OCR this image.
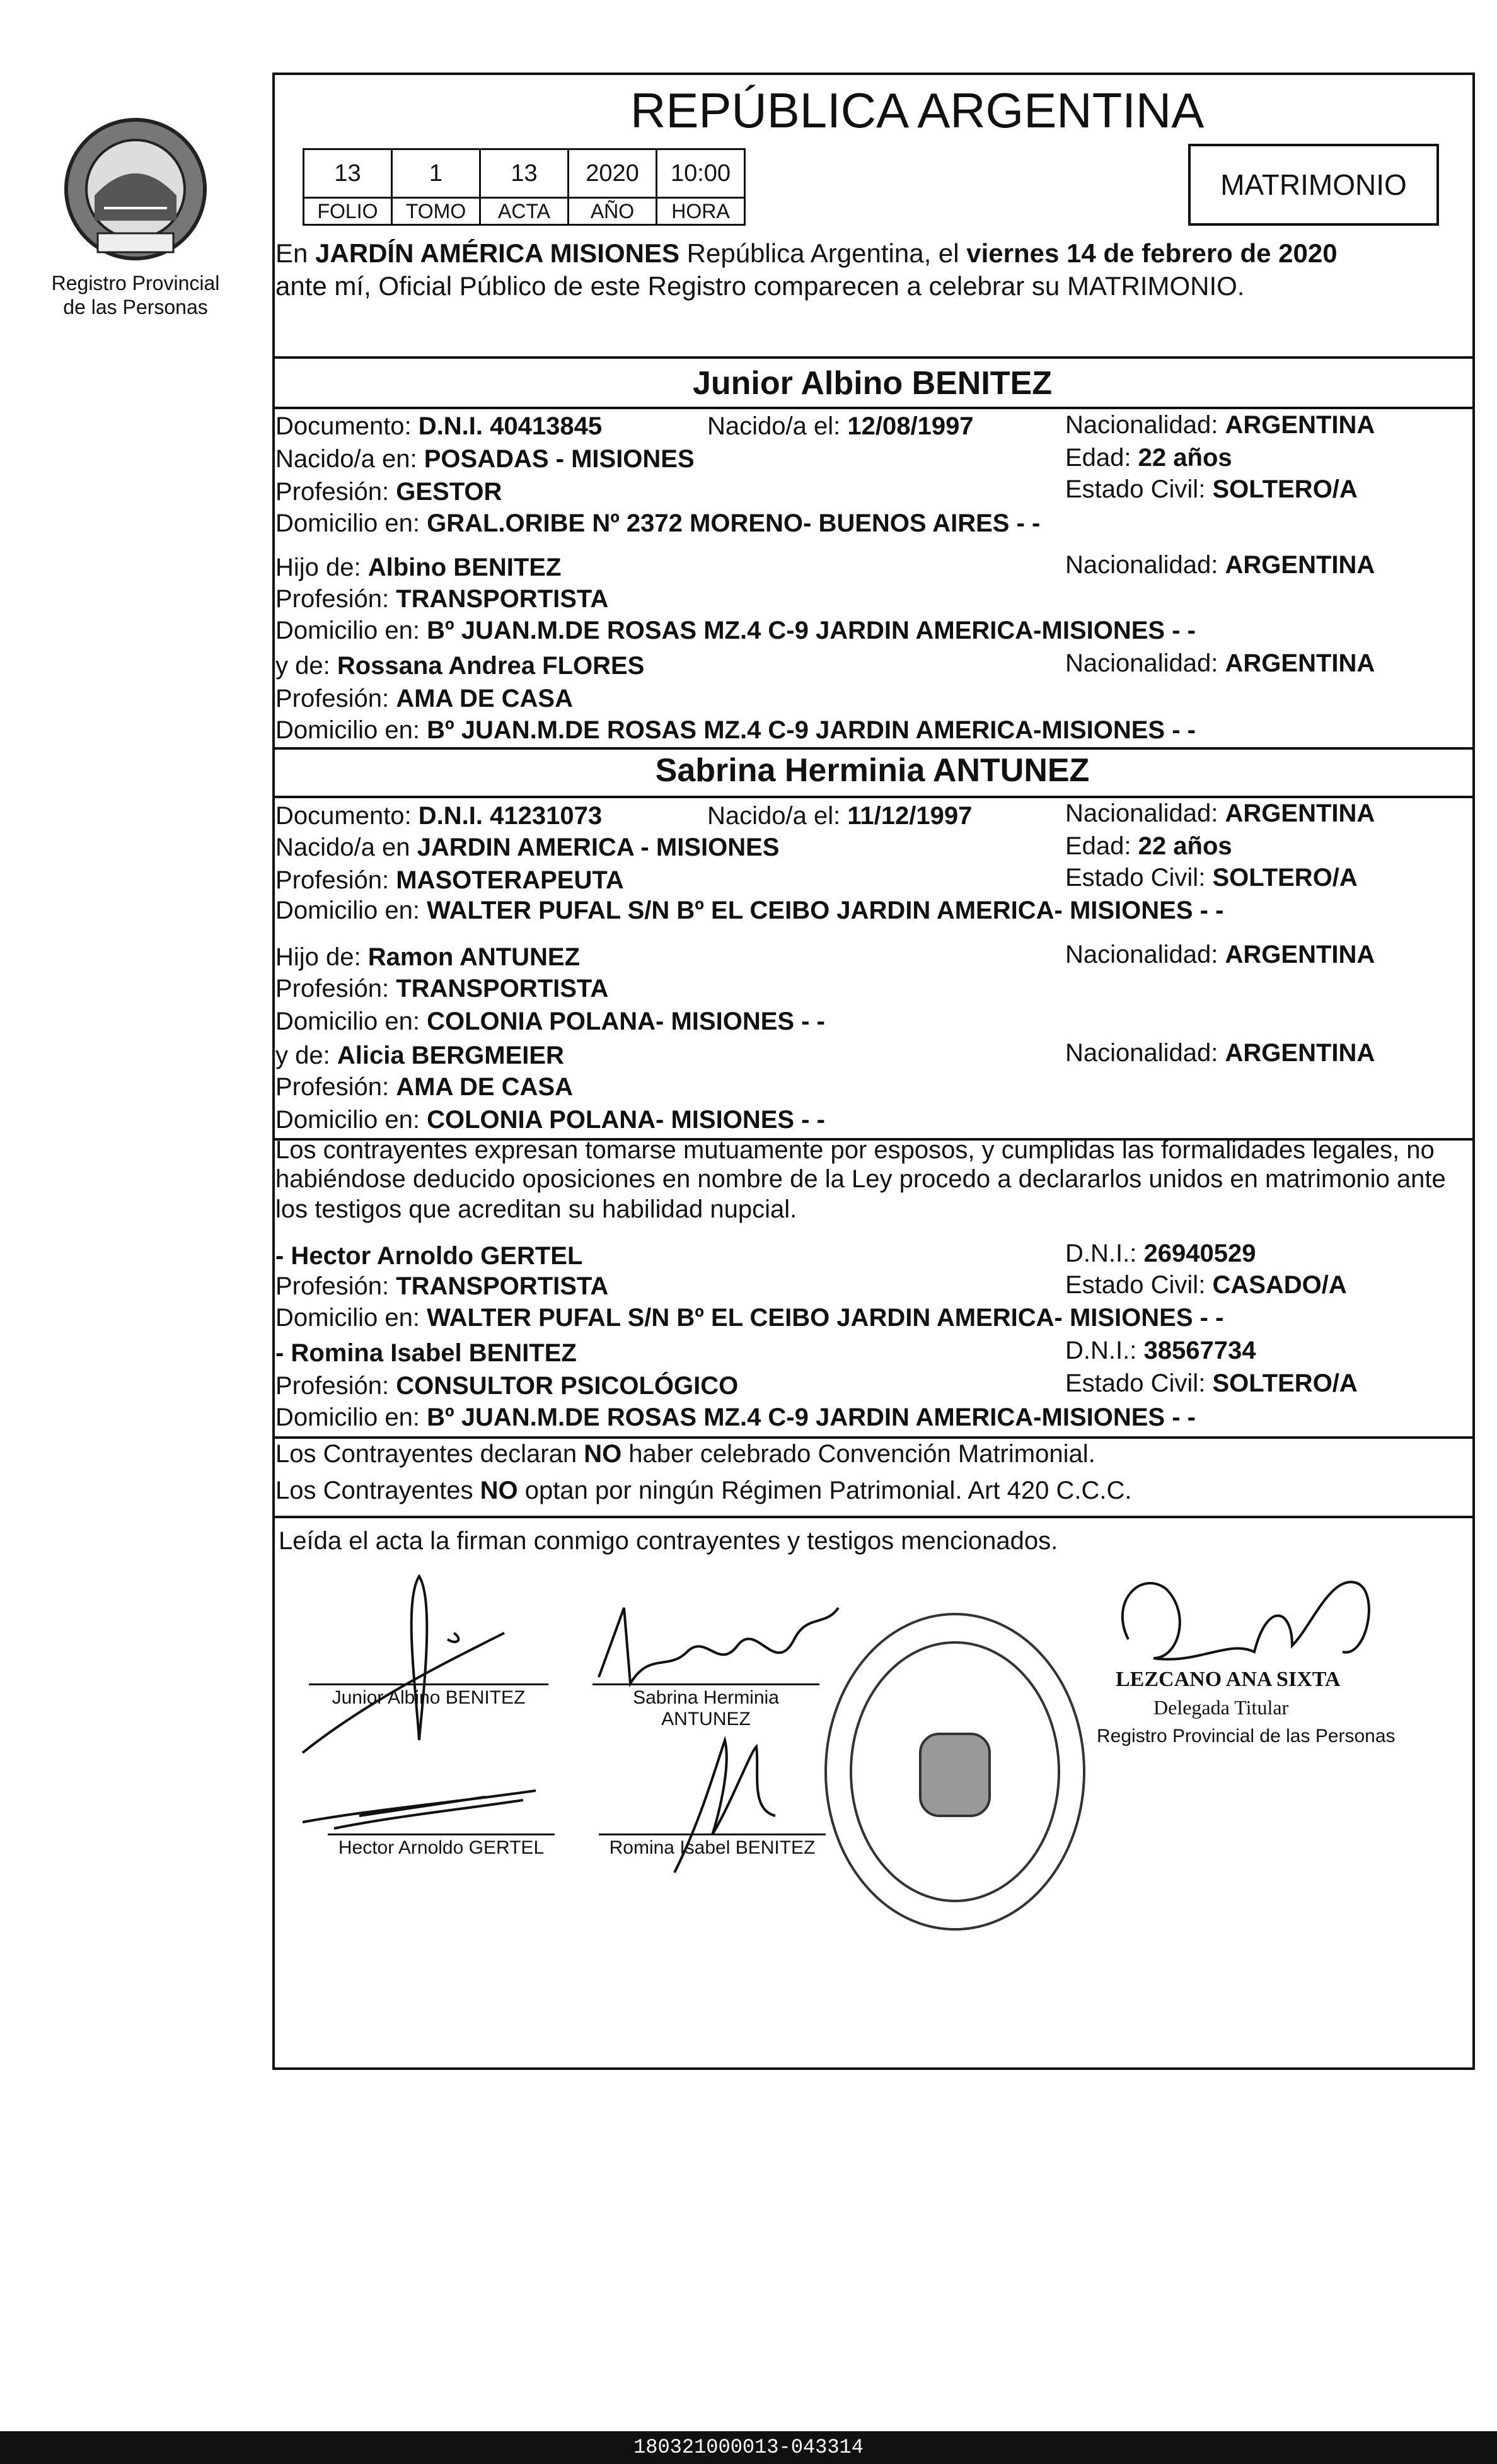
Registro Provincial
de las Personas
REPÚBLICA ARGENTINA
13	1	13	2020	10:00
FOLIO	TOMO	ACTA	AÑO	HORA
MATRIMONIO
En JARDÍN AMÉRICA MISIONES República Argentina, el viernes 14 de febrero de 2020
ante mí, Oficial Público de este Registro comparecen a celebrar su MATRIMONIO.
Junior Albino BENITEZ
Documento: D.N.I. 40413845	Nacido/a el: 12/08/1997	Nacionalidad: ARGENTINA
Nacido/a en: POSADAS - MISIONES	Edad: 22 años
Profesión: GESTOR	Estado Civil: SOLTERO/A
Domicilio en: GRAL.ORIBE Nº 2372 MORENO- BUENOS AIRES - -
Hijo de: Albino BENITEZ	Nacionalidad: ARGENTINA
Profesión: TRANSPORTISTA
Domicilio en: Bº JUAN.M.DE ROSAS MZ.4 C-9 JARDIN AMERICA-MISIONES - -
y de: Rossana Andrea FLORES	Nacionalidad: ARGENTINA
Profesión: AMA DE CASA
Domicilio en: Bº JUAN.M.DE ROSAS MZ.4 C-9 JARDIN AMERICA-MISIONES - -
Sabrina Herminia ANTUNEZ
Documento: D.N.I. 41231073	Nacido/a el: 11/12/1997	Nacionalidad: ARGENTINA
Nacido/a en JARDIN AMERICA - MISIONES	Edad: 22 años
Profesión: MASOTERAPEUTA	Estado Civil: SOLTERO/A
Domicilio en: WALTER PUFAL S/N Bº EL CEIBO JARDIN AMERICA- MISIONES - -
Hijo de: Ramon ANTUNEZ	Nacionalidad: ARGENTINA
Profesión: TRANSPORTISTA
Domicilio en: COLONIA POLANA- MISIONES - -
y de: Alicia BERGMEIER	Nacionalidad: ARGENTINA
Profesión: AMA DE CASA
Domicilio en: COLONIA POLANA- MISIONES - -
Los contrayentes expresan tomarse mutuamente por esposos, y cumplidas las formalidades legales, no
habiéndose deducido oposiciones en nombre de la Ley procedo a declararlos unidos en matrimonio ante
los testigos que acreditan su habilidad nupcial.
- Hector Arnoldo GERTEL	D.N.I.: 26940529
Profesión: TRANSPORTISTA	Estado Civil: CASADO/A
Domicilio en: WALTER PUFAL S/N Bº EL CEIBO JARDIN AMERICA- MISIONES - -
- Romina Isabel BENITEZ	D.N.I.: 38567734
Profesión: CONSULTOR PSICOLÓGICO	Estado Civil: SOLTERO/A
Domicilio en: Bº JUAN.M.DE ROSAS MZ.4 C-9 JARDIN AMERICA-MISIONES - -
Los Contrayentes declaran NO haber celebrado Convención Matrimonial.
Los Contrayentes NO optan por ningún Régimen Patrimonial. Art 420 C.C.C.
Leída el acta la firman conmigo contrayentes y testigos mencionados.
Junior Albino BENITEZ	Sabrina Herminia
ANTUNEZ
Hector Arnoldo GERTEL	Romina Isabel BENITEZ
LEZCANO ANA SIXTA
Delegada Titular
Registro Provincial de las Personas
180321000013-043314
